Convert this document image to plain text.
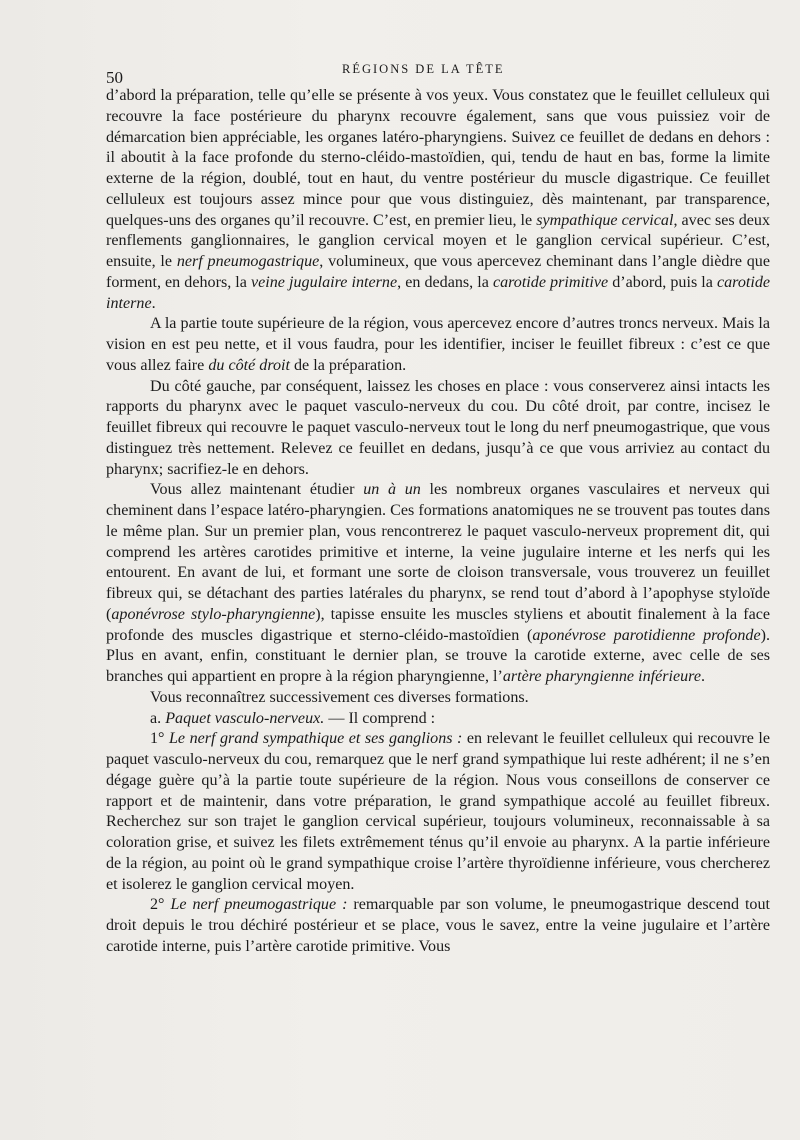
50	RÉGIONS DE LA TÊTE

d’abord la préparation, telle qu’elle se présente à vos yeux. Vous constatez que le feuillet celluleux qui recouvre la face postérieure du pharynx recouvre également, sans que vous puissiez voir de démarcation bien appréciable, les organes latéro-pharyngiens. Suivez ce feuillet de dedans en dehors : il aboutit à la face profonde du sterno-cléido-mastoïdien, qui, tendu de haut en bas, forme la limite externe de la région, doublé, tout en haut, du ventre postérieur du muscle digastrique. Ce feuillet celluleux est toujours assez mince pour que vous distinguiez, dès maintenant, par transparence, quelques-uns des organes qu’il recouvre. C’est, en premier lieu, le sympathique cervical, avec ses deux renflements ganglionnaires, le ganglion cervical moyen et le ganglion cervical supérieur. C’est, ensuite, le nerf pneumogastrique, volumineux, que vous apercevez cheminant dans l’angle dièdre que forment, en dehors, la veine jugulaire interne, en dedans, la carotide primitive d’abord, puis la carotide interne.

A la partie toute supérieure de la région, vous apercevez encore d’autres troncs nerveux. Mais la vision en est peu nette, et il vous faudra, pour les identifier, inciser le feuillet fibreux : c’est ce que vous allez faire du côté droit de la préparation.

Du côté gauche, par conséquent, laissez les choses en place : vous conserverez ainsi intacts les rapports du pharynx avec le paquet vasculo-nerveux du cou. Du côté droit, par contre, incisez le feuillet fibreux qui recouvre le paquet vasculo-nerveux tout le long du nerf pneumogastrique, que vous distinguez très nettement. Relevez ce feuillet en dedans, jusqu’à ce que vous arriviez au contact du pharynx; sacrifiez-le en dehors.

Vous allez maintenant étudier un à un les nombreux organes vasculaires et nerveux qui cheminent dans l’espace latéro-pharyngien. Ces formations anatomiques ne se trouvent pas toutes dans le même plan. Sur un premier plan, vous rencontrerez le paquet vasculo-nerveux proprement dit, qui comprend les artères carotides primitive et interne, la veine jugulaire interne et les nerfs qui les entourent. En avant de lui, et formant une sorte de cloison transversale, vous trouverez un feuillet fibreux qui, se détachant des parties latérales du pharynx, se rend tout d’abord à l’apophyse styloïde (aponévrose stylo-pharyngienne), tapisse ensuite les muscles styliens et aboutit finalement à la face profonde des muscles digastrique et sterno-cléido-mastoïdien (aponévrose parotidienne profonde). Plus en avant, enfin, constituant le dernier plan, se trouve la carotide externe, avec celle de ses branches qui appartient en propre à la région pharyngienne, l’artère pharyngienne inférieure.

Vous reconnaîtrez successivement ces diverses formations.

a. Paquet vasculo-nerveux. — Il comprend :

1° Le nerf grand sympathique et ses ganglions : en relevant le feuillet celluleux qui recouvre le paquet vasculo-nerveux du cou, remarquez que le nerf grand sympathique lui reste adhérent; il ne s’en dégage guère qu’à la partie toute supérieure de la région. Nous vous conseillons de conserver ce rapport et de maintenir, dans votre préparation, le grand sympathique accolé au feuillet fibreux. Recherchez sur son trajet le ganglion cervical supérieur, toujours volumineux, reconnaissable à sa coloration grise, et suivez les filets extrêmement ténus qu’il envoie au pharynx. A la partie inférieure de la région, au point où le grand sympathique croise l’artère thyroïdienne inférieure, vous chercherez et isolerez le ganglion cervical moyen.

2° Le nerf pneumogastrique : remarquable par son volume, le pneumogastrique descend tout droit depuis le trou déchiré postérieur et se place, vous le savez, entre la veine jugulaire et l’artère carotide interne, puis l’artère carotide primitive. Vous
